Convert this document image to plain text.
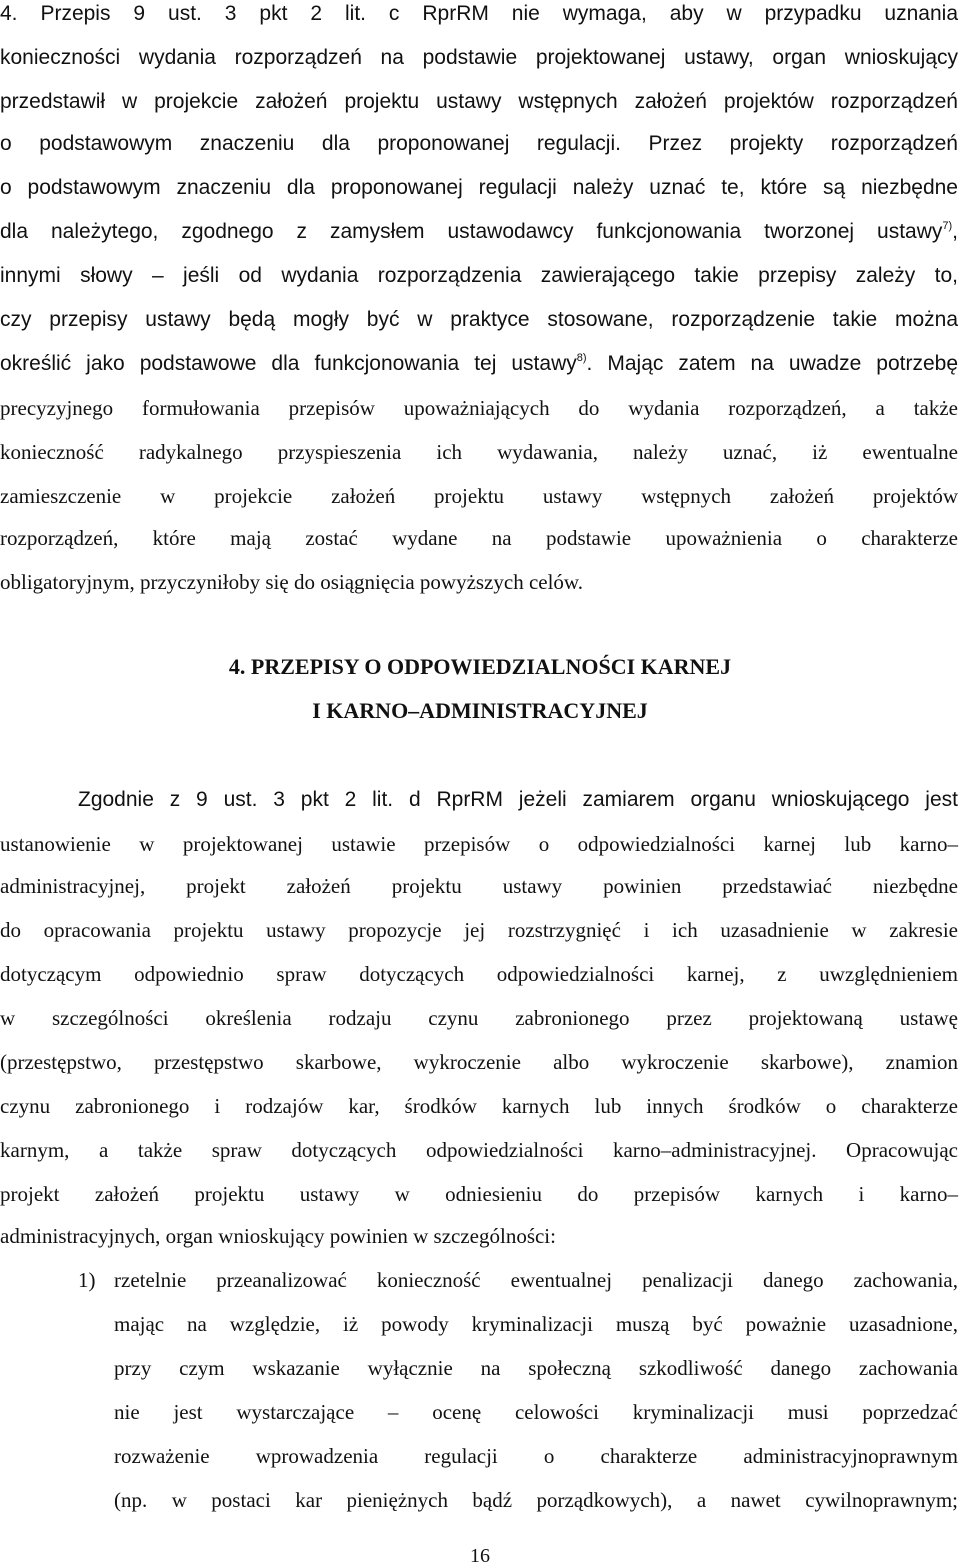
4. Przepis 9 ust. 3 pkt 2 lit. c RprRM nie wymaga, aby w przypadku uznania
konieczności wydania rozporządzeń na podstawie projektowanej ustawy, organ wnioskujący
przedstawił w projekcie założeń projektu ustawy wstępnych założeń projektów rozporządzeń
o podstawowym znaczeniu dla proponowanej regulacji. Przez projekty rozporządzeń
o podstawowym znaczeniu dla proponowanej regulacji należy uznać te, które są niezbędne
dla należytego, zgodnego z zamysłem ustawodawcy funkcjonowania tworzonej ustawy$^{7)}$,
innymi słowy – jeśli od wydania rozporządzenia zawierającego takie przepisy zależy to,
czy przepisy ustawy będą mogły być w praktyce stosowane, rozporządzenie takie można
określić jako podstawowe dla funkcjonowania tej ustawy$^{8)}$. Mając zatem na uwadze potrzebę
precyzyjnego formułowania przepisów upoważniających do wydania rozporządzeń, a także
konieczność radykalnego przyspieszenia ich wydawania, należy uznać, iż ewentualne
zamieszczenie w projekcie założeń projektu ustawy wstępnych założeń projektów
rozporządzeń, które mają zostać wydane na podstawie upoważnienia o charakterze
obligatoryjnym, przyczyniłoby się do osiągnięcia powyższych celów.
4. PRZEPISY O ODPOWIEDZIALNOŚCI KARNEJ
I KARNO–ADMINISTRACYJNEJ
Zgodnie z 9 ust. 3 pkt 2 lit. d RprRM jeżeli zamiarem organu wnioskującego jest
ustanowienie w projektowanej ustawie przepisów o odpowiedzialności karnej lub karno–
administracyjnej, projekt założeń projektu ustawy powinien przedstawiać niezbędne
do opracowania projektu ustawy propozycje jej rozstrzygnięć i ich uzasadnienie w zakresie
dotyczącym odpowiednio spraw dotyczących odpowiedzialności karnej, z uwzględnieniem
w szczególności określenia rodzaju czynu zabronionego przez projektowaną ustawę
(przestępstwo, przestępstwo skarbowe, wykroczenie albo wykroczenie skarbowe), znamion
czynu zabronionego i rodzajów kar, środków karnych lub innych środków o charakterze
karnym, a także spraw dotyczących odpowiedzialności karno–administracyjnej. Opracowując
projekt założeń projektu ustawy w odniesieniu do przepisów karnych i karno–
administracyjnych, organ wnioskujący powinien w szczególności:
1) rzetelnie przeanalizować konieczność ewentualnej penalizacji danego zachowania,
mając na względzie, iż powody kryminalizacji muszą być poważnie uzasadnione,
przy czym wskazanie wyłącznie na społeczną szkodliwość danego zachowania
nie jest wystarczające – ocenę celowości kryminalizacji musi poprzedzać
rozważenie wprowadzenia regulacji o charakterze administracyjnoprawnym
(np. w postaci kar pieniężnych bądź porządkowych), a nawet cywilnoprawnym;
16
